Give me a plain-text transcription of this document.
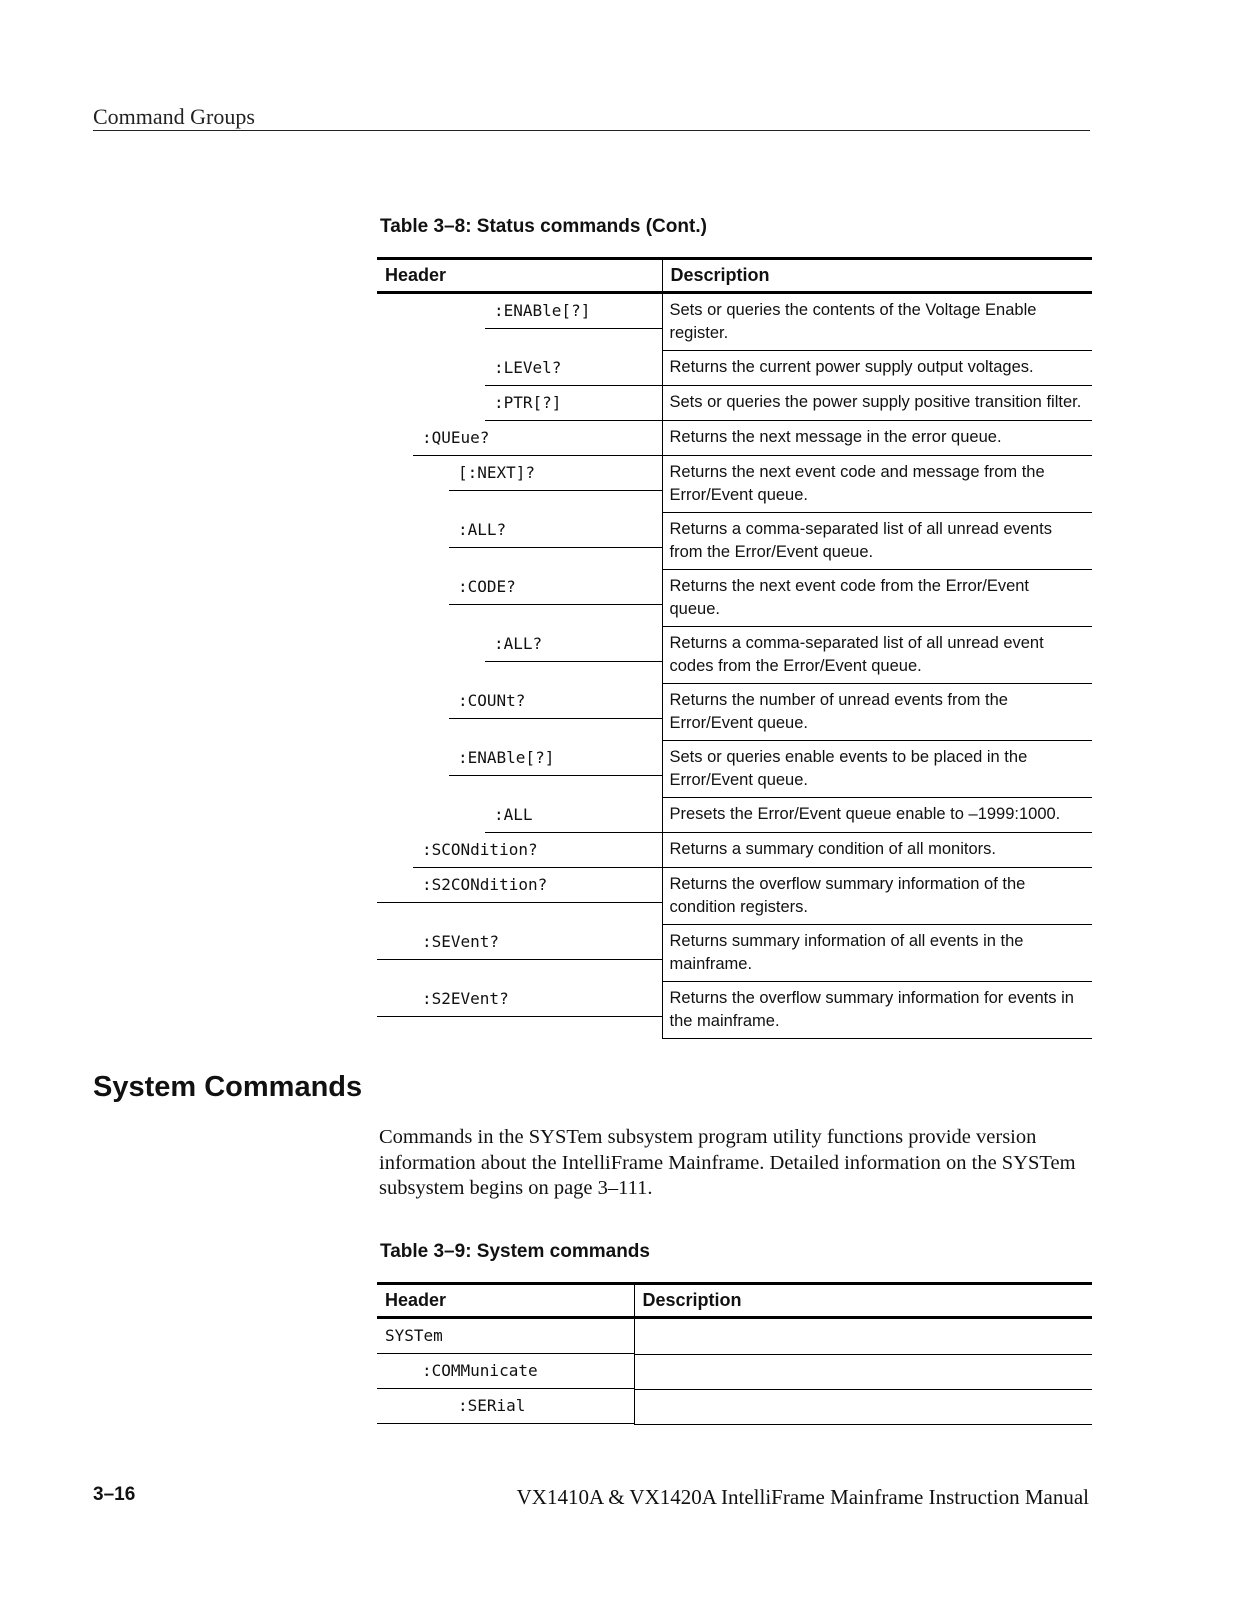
Command Groups
Table 3–8: Status commands (Cont.)
Header	Description

:ENABle[?]	Sets or queries the contents of the Voltage Enable register.

:LEVel?	Returns the current power supply output voltages.

:PTR[?]	Sets or queries the power supply positive transition filter.

:QUEue?	Returns the next message in the error queue.

[:NEXT]?	Returns the next event code and message from the Error/Event queue.

:ALL?	Returns a comma-separated list of all unread events from the Error/Event queue.

:CODE?	Returns the next event code from the Error/Event queue.

:ALL?	Returns a comma-separated list of all unread event codes from the Error/Event queue.

:COUNt?	Returns the number of unread events from the Error/Event queue.

:ENABle[?]	Sets or queries enable events to be placed in the Error/Event queue.

:ALL	Presets the Error/Event queue enable to –1999:1000.

:SCONdition?	Returns a summary condition of all monitors.

:S2CONdition?	Returns the overflow summary information of the condition registers.

:SEVent?	Returns summary information of all events in the mainframe.

:S2EVent?	Returns the overflow summary information for events in the mainframe.
System Commands

Commands in the SYSTem subsystem program utility functions provide version information about the IntelliFrame Mainframe. Detailed information on the SYSTem subsystem begins on page 3–111.

Table 3–9: System commands
Header	Description

SYSTem	

:COMMunicate	

:SERial	

3–16	VX1410A & VX1420A IntelliFrame Mainframe Instruction Manual
